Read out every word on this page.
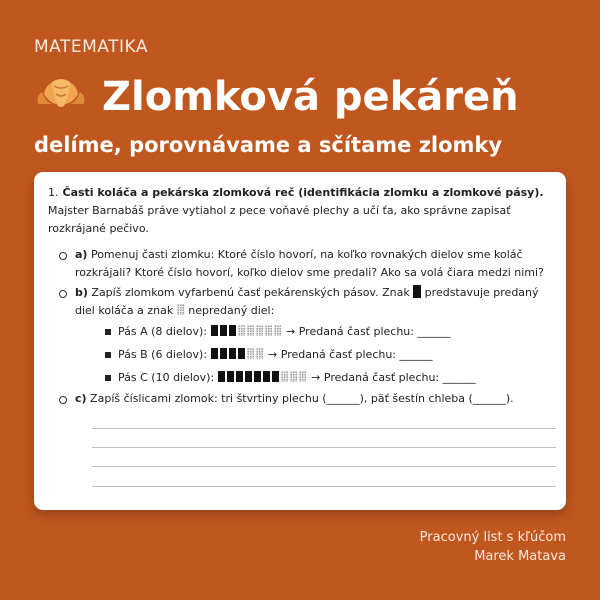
MATEMATIKA
Zlomková pekáreň
delíme, porovnávame a sčítame zlomky
1. Časti koláča a pekárska zlomková reč (identifikácia zlomku a zlomkové pásy). Majster Barnabáš práve vytiahol z pece voňavé plechy a učí ťa, ako správne zapisať rozkrájané pečivo.
a) Pomenuj časti zlomku: Ktoré číslo hovorí, na koľko rovnakých dielov sme koláč rozkrájali? Ktoré číslo hovorí, koľko dielov sme predali? Ako sa volá čiara medzi nimi?
b) Zapíš zlomkom vyfarbenú časť pekárenských pásov. Znak  predstavuje predaný diel koláča a znak  nepredaný diel:
Pás A (8 dielov):	→ Predaná časť plechu: ______
Pás B (6 dielov):	→ Predaná časť plechu: ______
Pás C (10 dielov):	→ Predaná časť plechu: ______
c) Zapíš číslicami zlomok: tri štvrtiny plechu (______), päť šestín chleba (______).
Pracovný list s kľúčom
Marek Matava
